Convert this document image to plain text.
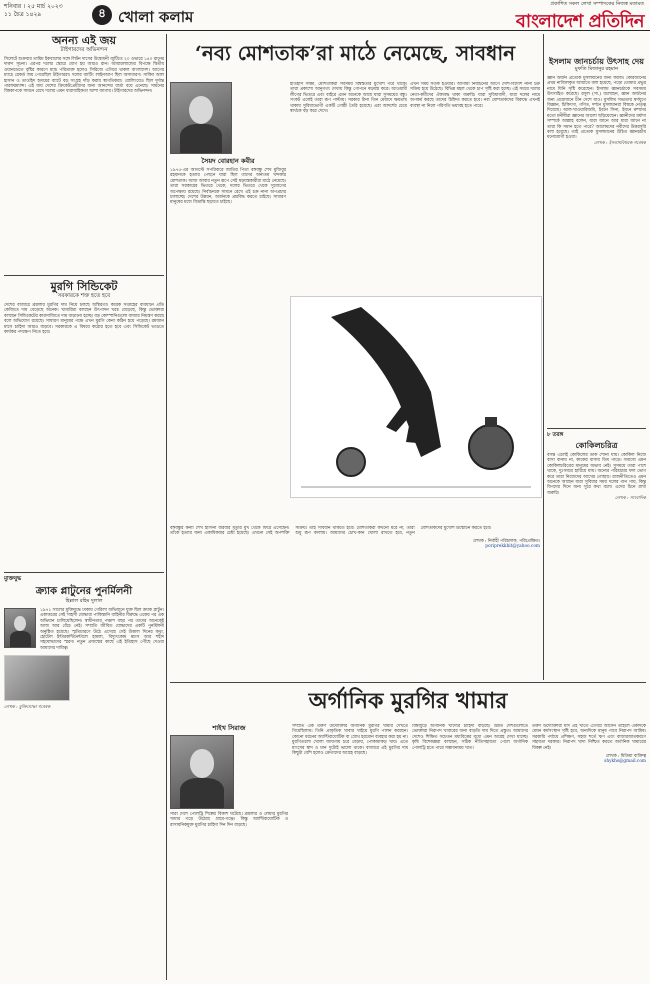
শনিবার । ২৫ মার্চ ২০২৩
১১ চৈত্র ১৪২৯	৪ খোলা কলাম
প্রকাশিত সকল লেখা সম্পাদকের নিজস্ব মতামত
বাংলাদেশ প্রতিদিন

অনন্য এই জয়

টাইগারদের অভিনন্দন

সিলেটে শুক্রবার তামিম ইকবালের সঙ্গে লিটন দাসের উদ্বোধনী জুটিতে ২০ ওভারে ১৪০ রানের দারুণ সূচনা। এরপর দলের স্কোরে যোগ হয় আরও রান। আয়ারল্যান্ডের বিপক্ষে দ্বিতীয় ওয়ানডেতে বৃষ্টির কারণে ম্যাচ পরিত্যক্ত হলেও সিরিজে এগিয়ে থাকল বাংলাদেশ। আগের ম্যাচে রেকর্ড জয় পেয়েছিল টাইগাররা। দলের ব্যাটিং লাইনআপ ছিল অসাধারণ। সাকিব আল হাসান ও তাওহিদ হৃদয়ের ব্যাটে বড় সংগ্রহ দাঁড় করায় স্বাগতিকরা। বোলিংয়েও ছিল দুর্দান্ত পারফরম্যান্স। এই জয় দেশের ক্রিকেটপ্রেমীদের জন্য আনন্দের বার্তা বয়ে এনেছে। সামনের বিশ্বকাপকে সামনে রেখে দলের এমন ধারাবাহিকতা আশা জাগায়। টাইগারদের অভিনন্দন।

মুরগি সিন্ডিকেট

সরকারকে শক্ত হতে হবে

দেশের বাজারে ব্রয়লার মুরগির দাম নিয়ে চলছে অস্থিরতা। কয়েক সপ্তাহের ব্যবধানে প্রতি কেজিতে দাম বেড়েছে অনেক। খামারিরা বলছেন উৎপাদন খরচ বেড়েছে, কিন্তু ভোক্তারা বলছেন সিন্ডিকেটের কারসাজিতে দাম বাড়ানো হচ্ছে। বড় কোম্পানিগুলো বাজার নিয়ন্ত্রণ করছে বলে অভিযোগ রয়েছে। সাধারণ মানুষের পক্ষে এখন মুরগি কেনা কঠিন হয়ে পড়েছে। রমজান মাসে চাহিদা আরও বাড়বে। সরকারকে এ বিষয়ে কঠোর হতে হবে এবং সিন্ডিকেট ভাঙতে কার্যকর পদক্ষেপ নিতে হবে।

মুক্তিযুদ্ধ

ক্র্যাক প্লাটুনের পুনর্মিলনী

হিল্লাল রহিম দুলাল

১৯৭১ সালের মুক্তিযুদ্ধে ঢাকায় গেরিলা অভিযানে যুক্ত ছিল ক্র্যাক প্লাটুন। একাত্তরের সেই সাহসী যোদ্ধারা পাকিস্তানি বাহিনীর বিরুদ্ধে একের পর এক অভিযান চালিয়েছিলেন। স্বাধীনতার পঞ্চাশ বছর পর তাদের অনেকেই আজ আর বেঁচে নেই। সম্প্রতি জীবিত যোদ্ধাদের একটি পুনর্মিলনী অনুষ্ঠিত হয়েছে। স্মৃতিচারণে উঠে এসেছে সেই উত্তাল দিনের কথা, হোটেল ইন্টারকন্টিনেন্টালে হামলা, বিদ্যুৎকেন্দ্র ধ্বংস আর শহীদ সহযোদ্ধাদের স্মরণ। নতুন প্রজন্মের কাছে এই ইতিহাস পৌঁছে দেওয়া আমাদের দায়িত্ব।

লেখক : মুক্তিযোদ্ধা গবেষক

‘নব্য মোশতাক’রা মাঠে নেমেছে, সাবধান

সৈয়দ বোরহান কবীর

১৯৭৫-এর আগস্টে সপরিবারে জাতির পিতা বঙ্গবন্ধু শেখ মুজিবুর রহমানকে হত্যার পেছনে যারা ছিল তাদের অন্যতম খন্দকার মোশতাক। আজ আবার নতুন রূপে সেই ষড়যন্ত্রকারীরা মাঠে নেমেছে। তারা সরকারের ভিতরে থেকে, দলের ভিতরে থেকে সুযোগের অপেক্ষায় রয়েছে। নির্বাচনকে সামনে রেখে এই চক্র নানা অপপ্রচার চালাচ্ছে। দেশের উন্নয়ন, অর্জনকে প্রশ্নবিদ্ধ করতে চাইছে। সাধারণ মানুষের মধ্যে বিভ্রান্তি ছড়াতে চাইছে।

ইতিহাস সাক্ষী, মোশতাকরা সবসময় বিশ্বস্ততার মুখোশ পরে থাকে। তারা প্রকাশ্যে আনুগত্য দেখায় কিন্তু গোপনে ষড়যন্ত্র করে। আওয়ামী লীগের ভিতরে এবং বাইরে এমন অনেকে আছে যারা সুসময়ের বন্ধু। সংকট এলেই তারা রূপ পাল্টায়। সরকার টানা তিন মেয়াদে ক্ষমতায় থাকায় সুবিধাভোগী একটি গোষ্ঠী তৈরি হয়েছে। এরা আদর্শের চেয়ে স্বার্থকে বড় করে দেখে।

এখন সময় সতর্ক হওয়ার। আগামী নির্বাচনের আগে দেশি-বিদেশি নানা চক্র সক্রিয় হয়ে উঠেছে। বিভিন্ন মহল থেকে চাপ সৃষ্টি করা হচ্ছে। এই সময়ে দলের নেতা-কর্মীদের ঐক্যবদ্ধ থাকা জরুরি। যারা সুবিধাবাদী, যারা দলের নামে অপকর্ম করছে তাদের চিহ্নিত করতে হবে। নব্য মোশতাকদের বিরুদ্ধে এখনই ব্যবস্থা না নিলে পরিণতি ভয়াবহ হতে পারে।

বঙ্গবন্ধুর কন্যা শেখ হাসিনা বারবার মৃত্যুর মুখ থেকে ফিরে এসেছেন। তাঁকে হত্যার জন্য একাধিকবার চেষ্টা হয়েছে। এখনো সেই অপশক্তি সক্রিয়। তাই সাবধান থাকতে হবে। মোশতাকরা কখনো মরে না, তারা শুধু রূপ বদলায়। আমাদের চোখ-কান খোলা রাখতে হবে, নতুন মোশতাকদের মুখোশ উন্মোচন করতে হবে।

লেখক : নির্বাহী পরিচালক, পরিপ্রেক্ষিত।

poriprekkhit@yahoo.com

ইসলাম জানচর্চায় উৎসাহ দেয়

মুফতি মিজানুর রহমান

জ্ঞান অর্জন প্রত্যেক মুসলমানের জন্য ফরজ। কোরআনের প্রথম নাজিলকৃত আয়াতে বলা হয়েছে, পড়ো তোমার প্রভুর নামে যিনি সৃষ্টি করেছেন। ইসলাম জ্ঞানচর্চাকে সবসময় উৎসাহিত করেছে। রসুল (সা.) বলেছেন, জ্ঞান অর্জনের জন্য প্রয়োজনে চীন দেশে যাও। মুসলিম সভ্যতার স্বর্ণযুগে বিজ্ঞান, চিকিৎসা, গণিত, দর্শনে মুসলমানরা বিশ্বকে নেতৃত্ব দিয়েছে। আল-খাওয়ারিজমি, ইবনে সিনা, ইবনে রুশদের মতো মনীষীরা জ্ঞানের আলো ছড়িয়েছেন। জ্ঞানীদের মর্যাদা সম্পর্কে আল্লাহ বলেন, যারা জানে আর যারা জানে না তারা কি সমান হতে পারে? আলেমদের নবীদের উত্তরসূরি বলা হয়েছে। তাই প্রত্যেক মুসলমানের উচিত জ্ঞানচর্চায় মনোযোগী হওয়া।

লেখক : ইসলামবিষয়ক গবেষক

৮ তরঙ্গ

কোকিলচরিত্র

বসন্ত এলেই কোকিলের ডাক শোনা যায়। কোকিল নিজে বাসা বানায় না, কাকের বাসায় ডিম পাড়ে। সমাজে এমন কোকিলচরিত্রের মানুষের অভাব নেই। সুসময়ে তারা পাশে থাকে, দুঃসময়ে হারিয়ে যায়। অন্যের পরিশ্রমের ফল ভোগ করে তারা নিজেদের আখের গোছায়। রাজনীতিতেও এমন অনেকে আছেন যারা সুবিধার সময় দলের গান গায়, কিন্তু বিপদের দিনে অন্য সুরে কথা বলে। এদের চিনে রাখা জরুরি।

লেখক : সাংবাদিক

অর্গানিক মুরগির খামার

শাইখ সিরাজ

সারা দেশে পোলট্রি শিল্পের বিকাশ ঘটেছে। ব্রয়লার ও লেয়ার মুরগির খামার গড়ে উঠেছে গ্রামে-গঞ্জে। কিন্তু অ্যান্টিবায়োটিক ও রাসায়নিকমুক্ত মুরগির চাহিদা দিন দিন বাড়ছে।

সম্প্রতি এক তরুণ উদ্যোক্তার অর্গানিক মুরগির খামার দেখতে গিয়েছিলাম। তিনি প্রাকৃতিক খাবার খাইয়ে মুরগি পালন করছেন। কোনো ধরনের অ্যান্টিবায়োটিক বা গ্রোথ হরমোন ব্যবহার করা হয় না। মুরগিগুলো খোলা জায়গায় চরে বেড়ায়, পোকামাকড় খায়। এতে মাংসের স্বাদ ও মান দুটোই ভালো থাকে। বাজারে এই মুরগির দাম কিছুটা বেশি হলেও ক্রেতাদের আগ্রহ বাড়ছে।

বিশ্বজুড়ে অর্গানিক খাদ্যের চাহিদা বাড়ছে। উন্নত দেশগুলোতে ভোক্তারা নিরাপদ খাবারের জন্য বাড়তি দাম দিতে প্রস্তুত। আমাদের দেশেও শিক্ষিত সচেতন মধ্যবিত্তের মধ্যে এমন আগ্রহ দেখা যাচ্ছে। কৃষি বিশেষজ্ঞরা বলছেন, সঠিক নীতিসহায়তা পেলে অর্গানিক পোলট্রি হতে পারে সম্ভাবনাময় খাত।

তরুণ উদ্যোক্তারা যদি এই খাতে এগিয়ে আসেন তাহলে একদিকে যেমন কর্মসংস্থান সৃষ্টি হবে, অন্যদিকে মানুষ পাবে নিরাপদ আমিষ। সরকারি পর্যায়ে প্রশিক্ষণ, সহজ শর্তে ঋণ এবং বাজারজাতকরণে সহায়তা দরকার। নিরাপদ খাদ্য নিশ্চিত করতে অর্গানিক খামারের বিকল্প নেই।

লেখক : মিডিয়া ব্যক্তিত্ব

shykhs@gmail.com
